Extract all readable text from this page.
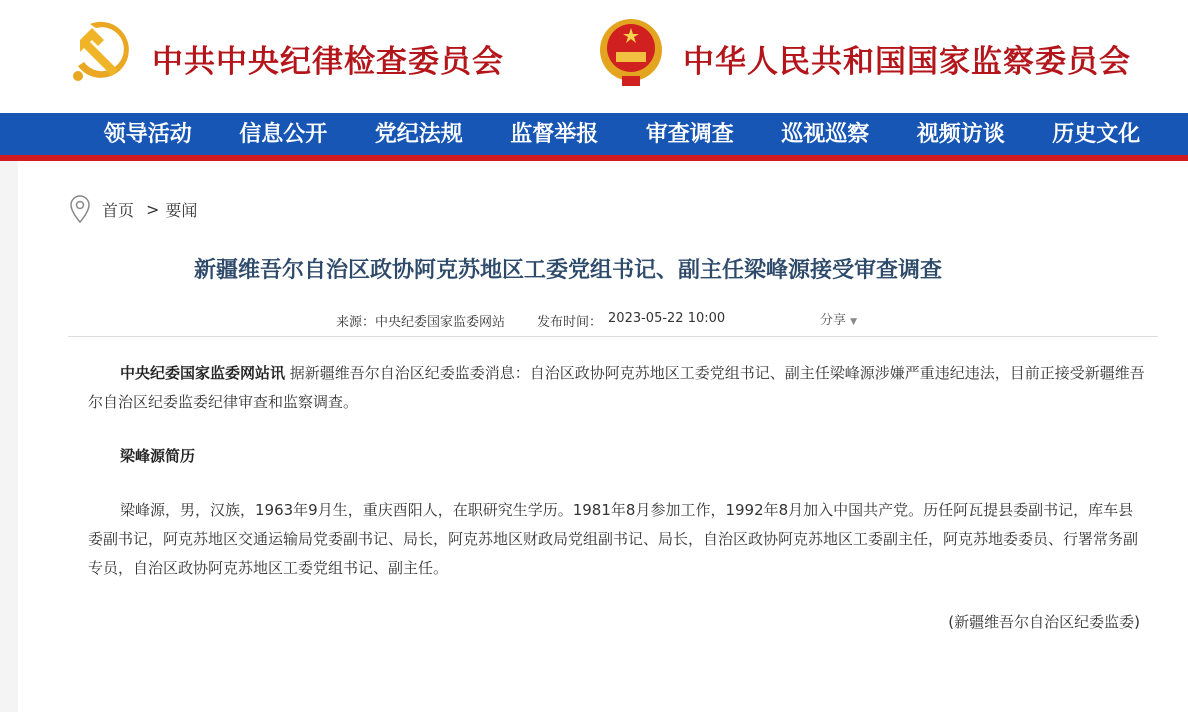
中共中央纪律检查委员会	中华人民共和国国家监察委员会
领导活动	信息公开	党纪法规	监督举报	审查调查	巡视巡察	视频访谈	历史文化
首页 > 要闻
新疆维吾尔自治区政协阿克苏地区工委党组书记、副主任梁峰源接受审查调查
来源：中央纪委国家监委网站 发布时间： 2023-05-22 10:00	分享 ▼

中央纪委国家监委网站讯 据新疆维吾尔自治区纪委监委消息：自治区政协阿克苏地区工委党组书记、副主任梁峰源涉嫌严重违纪违法，目前正接受新疆维吾尔自治区纪委监委纪律审查和监察调查。

梁峰源简历

梁峰源，男，汉族，1963年9月生，重庆酉阳人，在职研究生学历。1981年8月参加工作，1992年8月加入中国共产党。历任阿瓦提县委副书记，库车县委副书记，阿克苏地区交通运输局党委副书记、局长，阿克苏地区财政局党组副书记、局长，自治区政协阿克苏地区工委副主任，阿克苏地委委员、行署常务副专员，自治区政协阿克苏地区工委党组书记、副主任。

(新疆维吾尔自治区纪委监委)
